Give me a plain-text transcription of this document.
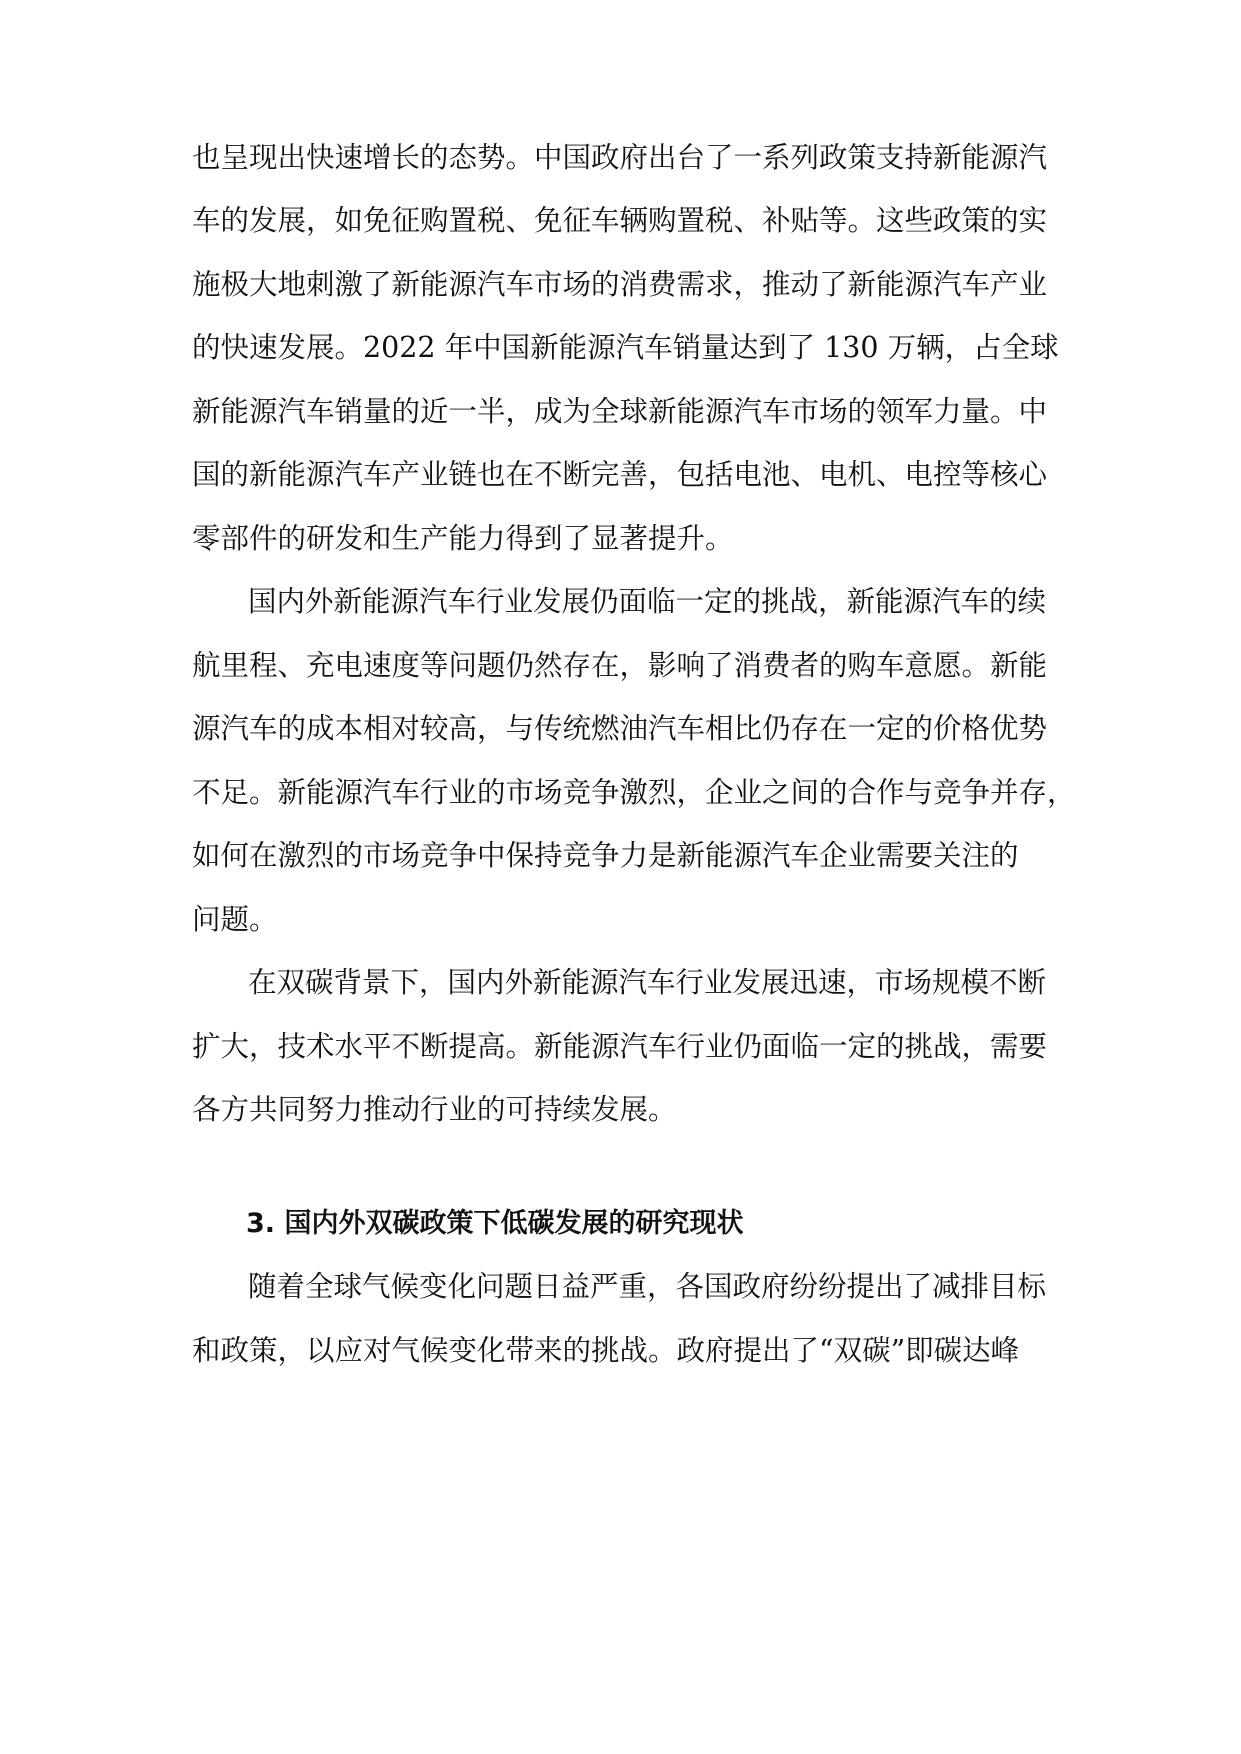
也呈现出快速增长的态势。中国政府出台了一系列政策支持新能源汽
车的发展，如免征购置税、免征车辆购置税、补贴等。这些政策的实
施极大地刺激了新能源汽车市场的消费需求，推动了新能源汽车产业
的快速发展。2022 年中国新能源汽车销量达到了 130 万辆，占全球
新能源汽车销量的近一半，成为全球新能源汽车市场的领军力量。中
国的新能源汽车产业链也在不断完善，包括电池、电机、电控等核心
零部件的研发和生产能力得到了显著提升。
国内外新能源汽车行业发展仍面临一定的挑战，新能源汽车的续
航里程、充电速度等问题仍然存在，影响了消费者的购车意愿。新能
源汽车的成本相对较高，与传统燃油汽车相比仍存在一定的价格优势
不足。新能源汽车行业的市场竞争激烈，企业之间的合作与竞争并存，
如何在激烈的市场竞争中保持竞争力是新能源汽车企业需要关注的
问题。
在双碳背景下，国内外新能源汽车行业发展迅速，市场规模不断
扩大，技术水平不断提高。新能源汽车行业仍面临一定的挑战，需要
各方共同努力推动行业的可持续发展。
3. 国内外双碳政策下低碳发展的研究现状
随着全球气候变化问题日益严重，各国政府纷纷提出了减排目标
和政策，以应对气候变化带来的挑战。政府提出了“双碳”即碳达峰
